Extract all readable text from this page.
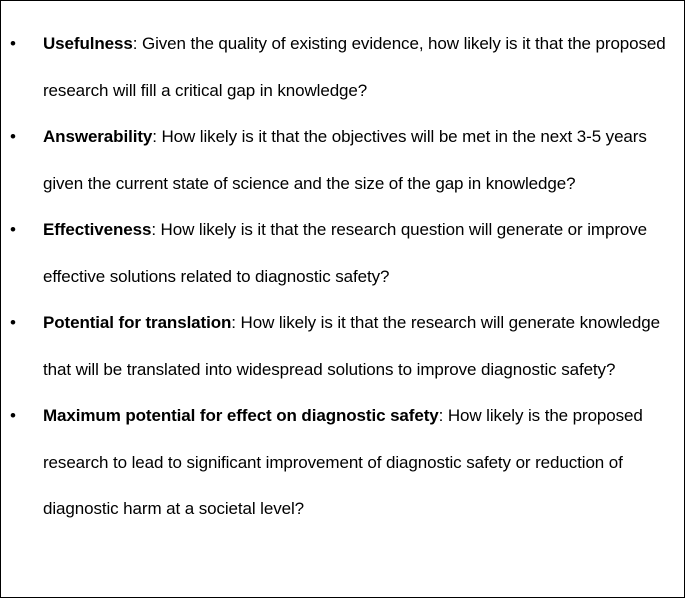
• Usefulness: Given the quality of existing evidence, how likely is it that the proposed research will fill a critical gap in knowledge?
• Answerability: How likely is it that the objectives will be met in the next 3-5 years given the current state of science and the size of the gap in knowledge?
• Effectiveness: How likely is it that the research question will generate or improve effective solutions related to diagnostic safety?
• Potential for translation: How likely is it that the research will generate knowledge that will be translated into widespread solutions to improve diagnostic safety?
• Maximum potential for effect on diagnostic safety: How likely is the proposed research to lead to significant improvement of diagnostic safety or reduction of diagnostic harm at a societal level?
